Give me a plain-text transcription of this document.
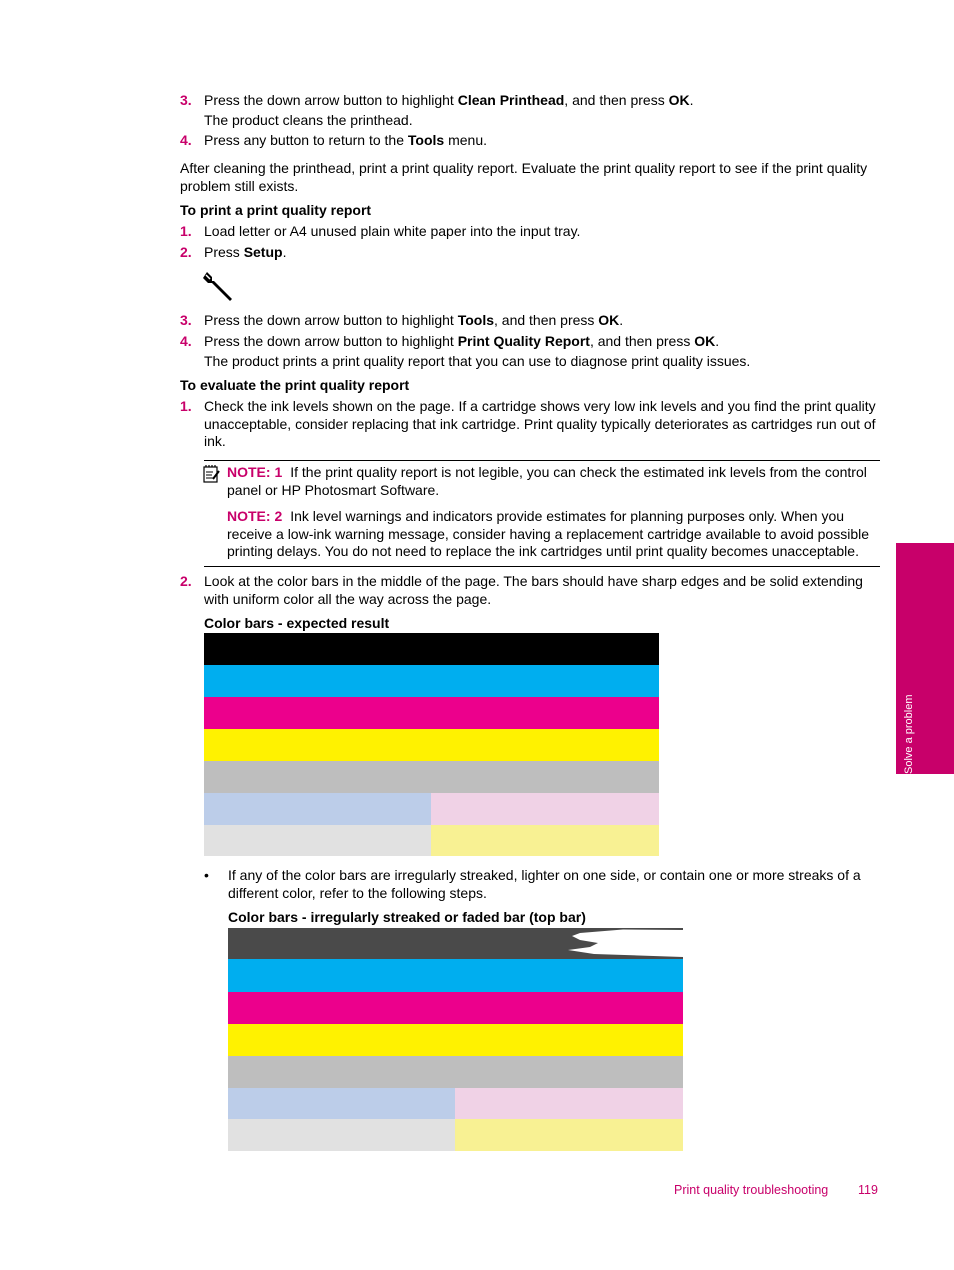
3. Press the down arrow button to highlight Clean Printhead, and then press OK.
The product cleans the printhead.
4. Press any button to return to the Tools menu.
After cleaning the printhead, print a print quality report. Evaluate the print quality report to see if the print quality problem still exists.
To print a print quality report
1. Load letter or A4 unused plain white paper into the input tray.
2. Press Setup.
3. Press the down arrow button to highlight Tools, and then press OK.
4. Press the down arrow button to highlight Print Quality Report, and then press OK.
The product prints a print quality report that you can use to diagnose print quality issues.
To evaluate the print quality report
1. Check the ink levels shown on the page. If a cartridge shows very low ink levels and you find the print quality unacceptable, consider replacing that ink cartridge. Print quality typically deteriorates as cartridges run out of ink.
NOTE: 1 If the print quality report is not legible, you can check the estimated ink levels from the control panel or HP Photosmart Software.
NOTE: 2 Ink level warnings and indicators provide estimates for planning purposes only. When you receive a low-ink warning message, consider having a replacement cartridge available to avoid possible printing delays. You do not need to replace the ink cartridges until print quality becomes unacceptable.
2. Look at the color bars in the middle of the page. The bars should have sharp edges and be solid extending with uniform color all the way across the page.
Color bars - expected result
• If any of the color bars are irregularly streaked, lighter on one side, or contain one or more streaks of a different color, refer to the following steps.
Color bars - irregularly streaked or faded bar (top bar)
Solve a problem
Print quality troubleshooting 119
